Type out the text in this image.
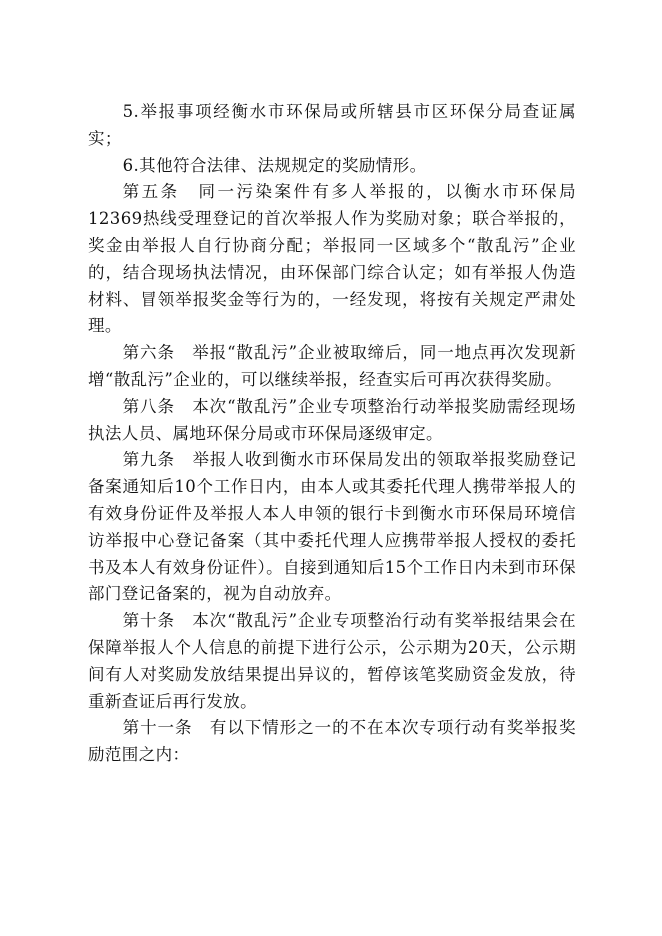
5.举报事项经衡水市环保局或所辖县市区环保分局查证属实；

6.其他符合法律、法规规定的奖励情形。

第五条　同一污染案件有多人举报的，以衡水市环保局12369热线受理登记的首次举报人作为奖励对象；联合举报的，奖金由举报人自行协商分配；举报同一区域多个“散乱污”企业的，结合现场执法情况，由环保部门综合认定；如有举报人伪造材料、冒领举报奖金等行为的，一经发现，将按有关规定严肃处理。

第六条　举报“散乱污”企业被取缔后，同一地点再次发现新增“散乱污”企业的，可以继续举报，经查实后可再次获得奖励。

第八条　本次“散乱污”企业专项整治行动举报奖励需经现场执法人员、属地环保分局或市环保局逐级审定。

第九条　举报人收到衡水市环保局发出的领取举报奖励登记备案通知后10个工作日内，由本人或其委托代理人携带举报人的有效身份证件及举报人本人申领的银行卡到衡水市环保局环境信访举报中心登记备案（其中委托代理人应携带举报人授权的委托书及本人有效身份证件）。自接到通知后15个工作日内未到市环保部门登记备案的，视为自动放弃。

第十条　本次“散乱污”企业专项整治行动有奖举报结果会在保障举报人个人信息的前提下进行公示，公示期为20天，公示期间有人对奖励发放结果提出异议的，暂停该笔奖励资金发放，待重新查证后再行发放。

第十一条　有以下情形之一的不在本次专项行动有奖举报奖励范围之内：
